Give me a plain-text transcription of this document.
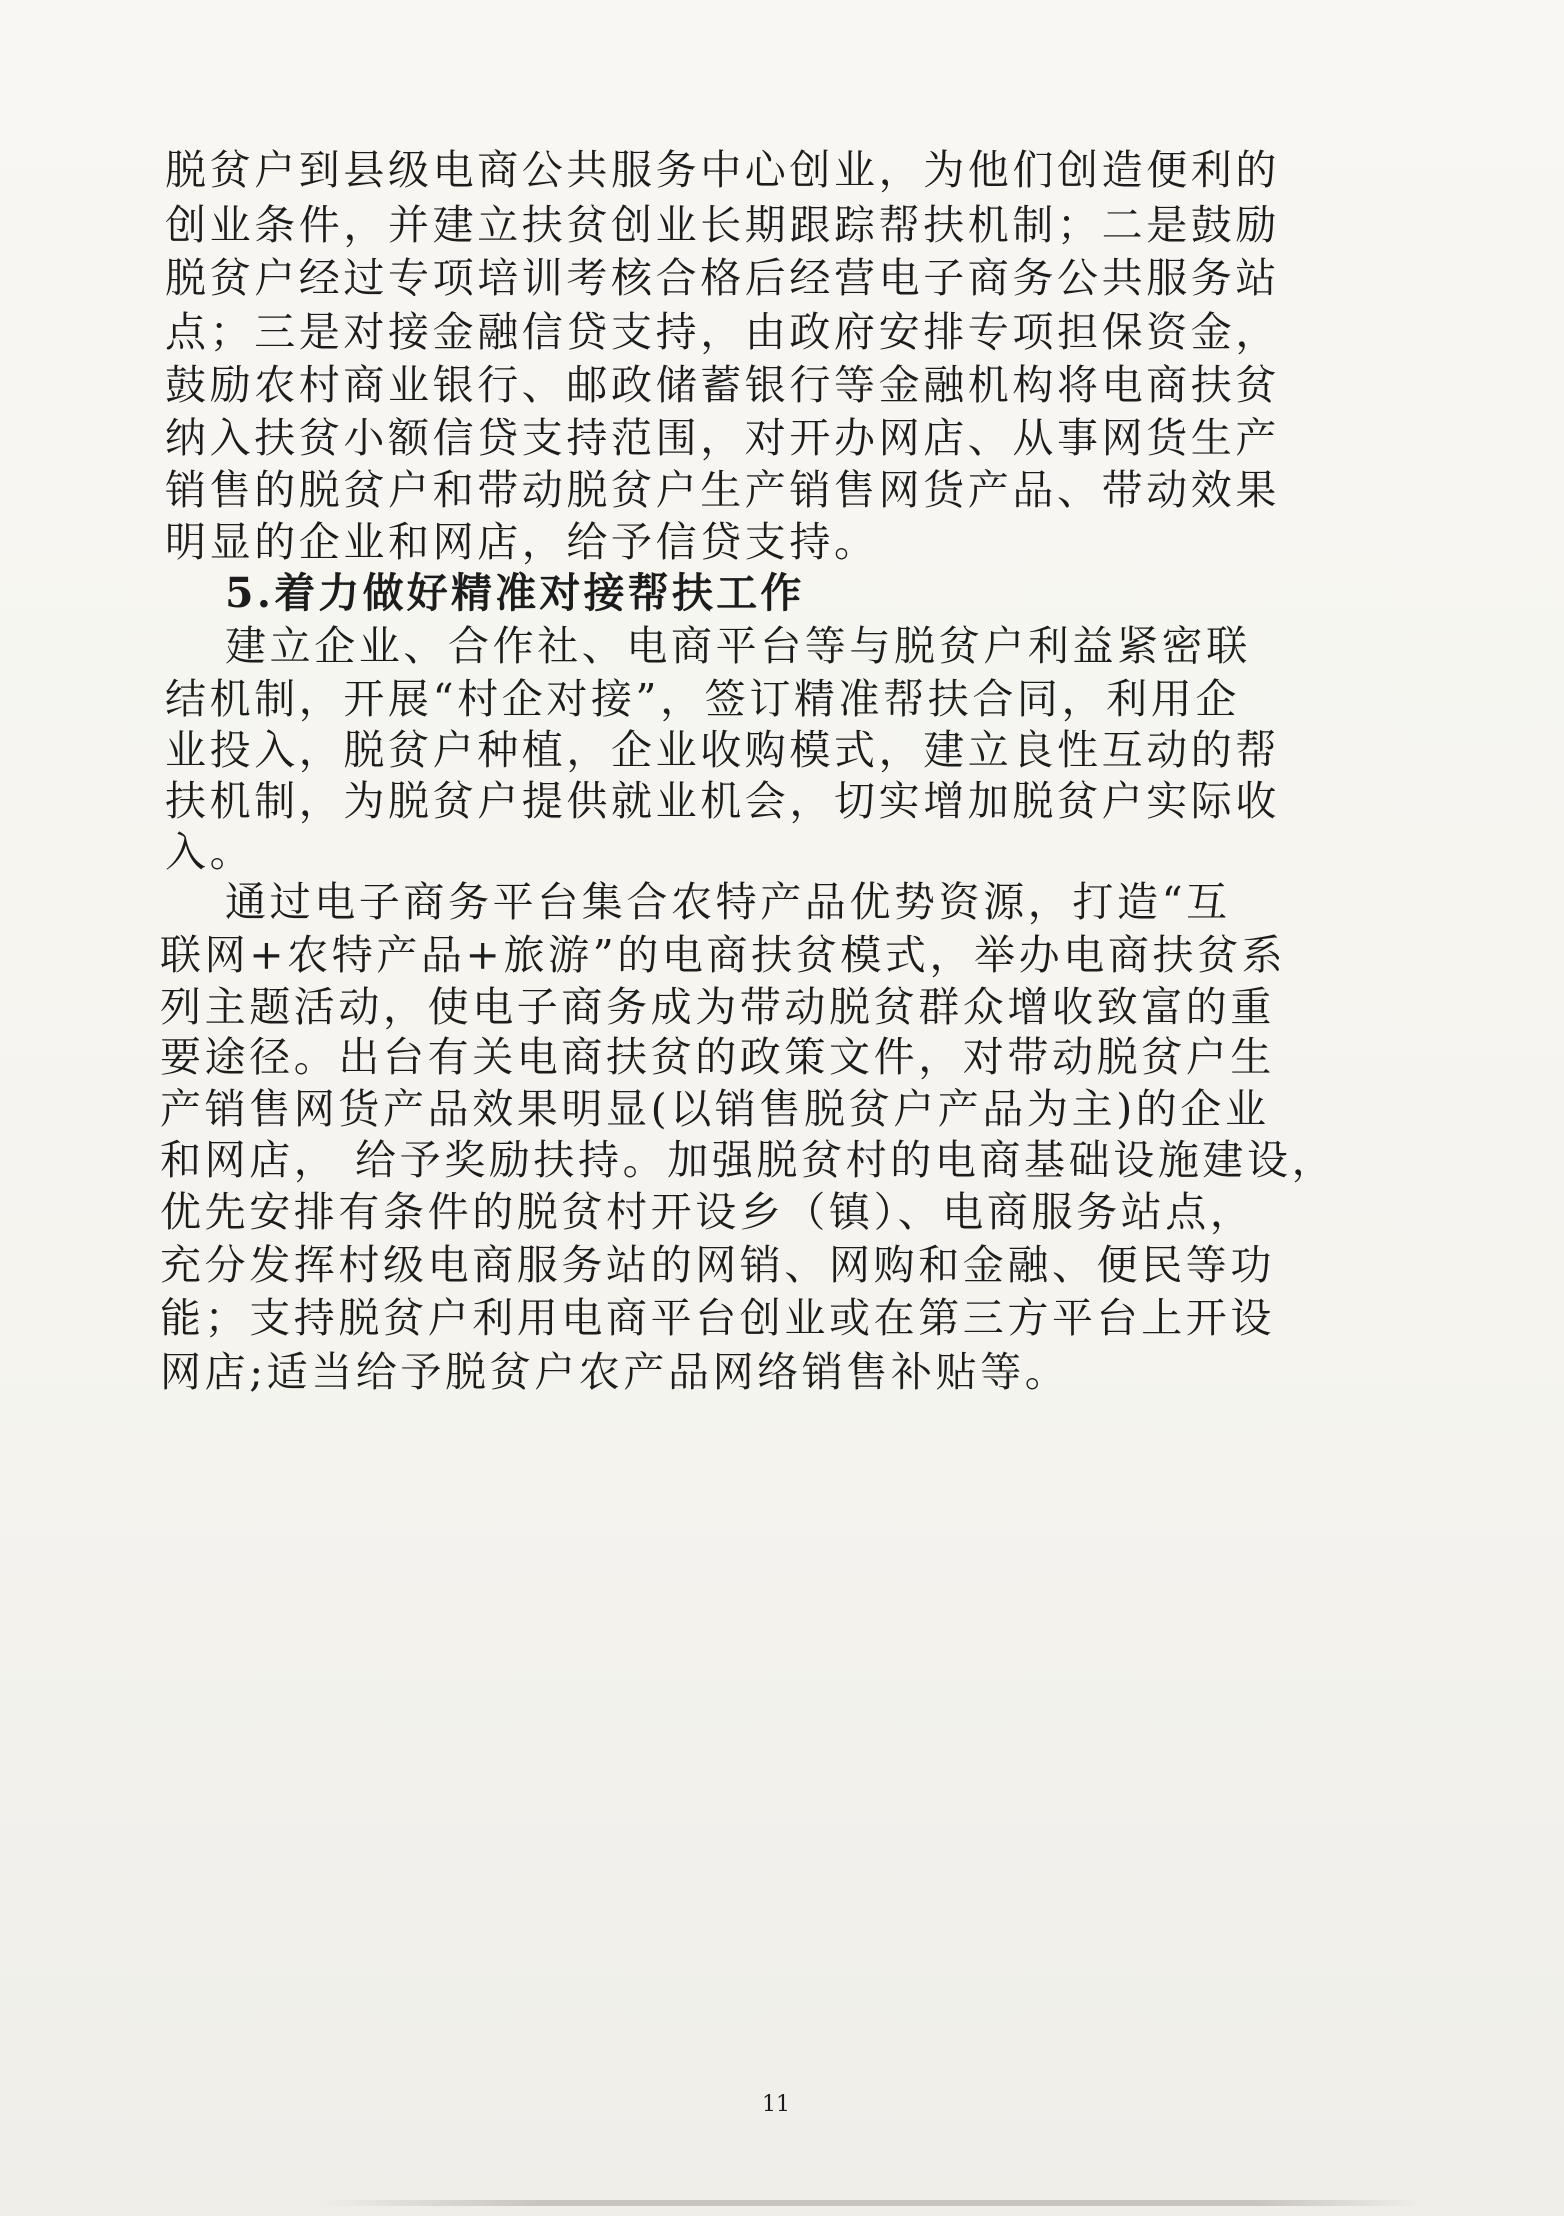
脱贫户到县级电商公共服务中心创业，为他们创造便利的
创业条件，并建立扶贫创业长期跟踪帮扶机制；二是鼓励
脱贫户经过专项培训考核合格后经营电子商务公共服务站
点；三是对接金融信贷支持，由政府安排专项担保资金，
鼓励农村商业银行、邮政储蓄银行等金融机构将电商扶贫
纳入扶贫小额信贷支持范围，对开办网店、从事网货生产
销售的脱贫户和带动脱贫户生产销售网货产品、带动效果
明显的企业和网店，给予信贷支持。
5.着力做好精准对接帮扶工作
建立企业、合作社、电商平台等与脱贫户利益紧密联
结机制，开展“村企对接”，签订精准帮扶合同，利用企
业投入，脱贫户种植，企业收购模式，建立良性互动的帮
扶机制，为脱贫户提供就业机会，切实增加脱贫户实际收
入。
通过电子商务平台集合农特产品优势资源，打造“互
联网+农特产品+旅游”的电商扶贫模式，举办电商扶贫系
列主题活动，使电子商务成为带动脱贫群众增收致富的重
要途径。出台有关电商扶贫的政策文件，对带动脱贫户生
产销售网货产品效果明显(以销售脱贫户产品为主)的企业
和网店， 给予奖励扶持。加强脱贫村的电商基础设施建设，
优先安排有条件的脱贫村开设乡（镇）、电商服务站点，
充分发挥村级电商服务站的网销、网购和金融、便民等功
能；支持脱贫户利用电商平台创业或在第三方平台上开设
网店;适当给予脱贫户农产品网络销售补贴等。
11
